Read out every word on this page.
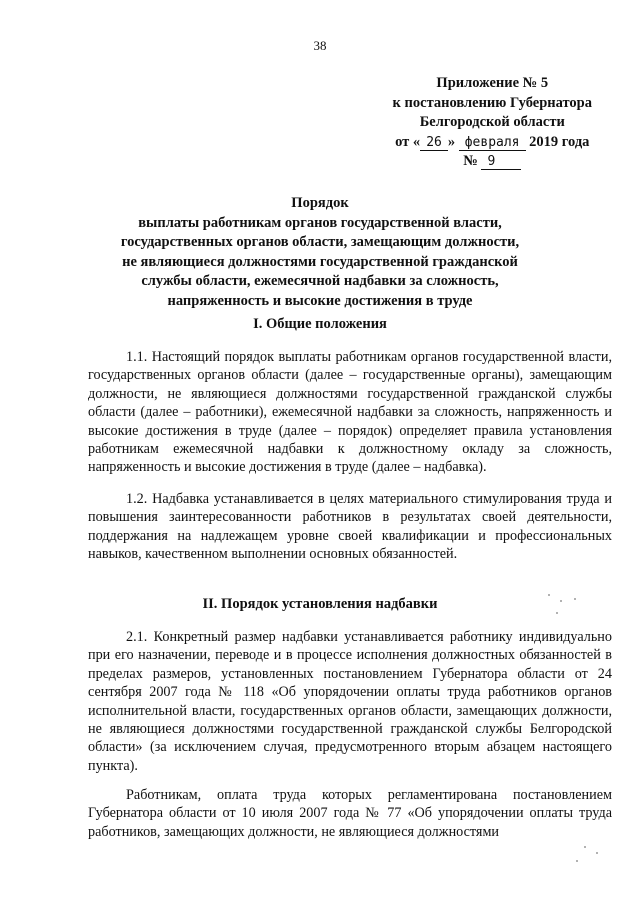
38
Приложение № 5
к постановлению Губернатора
Белгородской области
от « 26 » февраля 2019 года
№ 9
Порядок
выплаты работникам органов государственной власти,
государственных органов области, замещающим должности,
не являющиеся должностями государственной гражданской
службы области, ежемесячной надбавки за сложность,
напряженность и высокие достижения в труде
I. Общие положения

1.1. Настоящий порядок выплаты работникам органов государственной власти, государственных органов области (далее – государственные органы), замещающим должности, не являющиеся должностями государственной гражданской службы области (далее – работники), ежемесячной надбавки за сложность, напряженность и высокие достижения в труде (далее – порядок) определяет правила установления работникам ежемесячной надбавки к должностному окладу за сложность, напряженность и высокие достижения в труде (далее – надбавка).

1.2. Надбавка устанавливается в целях материального стимулирования труда и повышения заинтересованности работников в результатах своей деятельности, поддержания на надлежащем уровне своей квалификации и профессиональных навыков, качественном выполнении основных обязанностей.

II. Порядок установления надбавки

2.1. Конкретный размер надбавки устанавливается работнику индивидуально при его назначении, переводе и в процессе исполнения должностных обязанностей в пределах размеров, установленных постановлением Губернатора области от 24 сентября 2007 года № 118 «Об упорядочении оплаты труда работников органов исполнительной власти, государственных органов области, замещающих должности, не являющиеся должностями государственной гражданской службы Белгородской области» (за исключением случая, предусмотренного вторым абзацем настоящего пункта).

Работникам, оплата труда которых регламентирована постановлением Губернатора области от 10 июля 2007 года № 77 «Об упорядочении оплаты труда работников, замещающих должности, не являющиеся должностями
